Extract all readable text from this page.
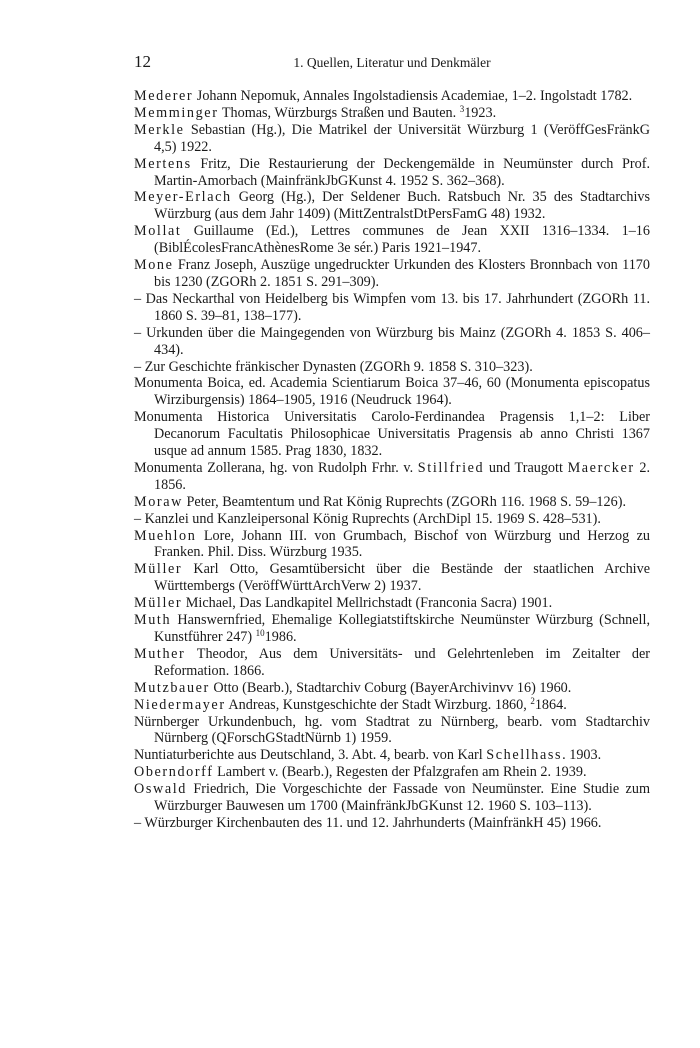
12	1. Quellen, Literatur und Denkmäler
Mederer Johann Nepomuk, Annales Ingolstadiensis Academiae, 1–2. Ingolstadt 1782.
Memminger Thomas, Würzburgs Straßen und Bauten. $^3$1923.
Merkle Sebastian (Hg.), Die Matrikel der Universität Würzburg 1 (VeröffGesFränkG 4,5) 1922.
Mertens Fritz, Die Restaurierung der Deckengemälde in Neumünster durch Prof. Martin-Amorbach (MainfränkJbGKunst 4. 1952 S. 362–368).
Meyer-Erlach Georg (Hg.), Der Seldener Buch. Ratsbuch Nr. 35 des Stadtarchivs Würzburg (aus dem Jahr 1409) (MittZentralstDtPersFamG 48) 1932.
Mollat Guillaume (Ed.), Lettres communes de Jean XXII 1316–1334. 1–16 (BiblÉcolesFrancAthènesRome 3e sér.) Paris 1921–1947.
Mone Franz Joseph, Auszüge ungedruckter Urkunden des Klosters Bronnbach von 1170 bis 1230 (ZGORh 2. 1851 S. 291–309).
– Das Neckarthal von Heidelberg bis Wimpfen vom 13. bis 17. Jahrhundert (ZGORh 11. 1860 S. 39–81, 138–177).
– Urkunden über die Maingegenden von Würzburg bis Mainz (ZGORh 4. 1853 S. 406–434).
– Zur Geschichte fränkischer Dynasten (ZGORh 9. 1858 S. 310–323).
Monumenta Boica, ed. Academia Scientiarum Boica 37–46, 60 (Monumenta episcopatus Wirziburgensis) 1864–1905, 1916 (Neudruck 1964).
Monumenta Historica Universitatis Carolo-Ferdinandea Pragensis 1,1–2: Liber Decanorum Facultatis Philosophicae Universitatis Pragensis ab anno Christi 1367 usque ad annum 1585. Prag 1830, 1832.
Monumenta Zollerana, hg. von Rudolph Frhr. v. Stillfried und Traugott Maercker 2. 1856.
Moraw Peter, Beamtentum und Rat König Ruprechts (ZGORh 116. 1968 S. 59–126).
– Kanzlei und Kanzleipersonal König Ruprechts (ArchDipl 15. 1969 S. 428–531).
Muehlon Lore, Johann III. von Grumbach, Bischof von Würzburg und Herzog zu Franken. Phil. Diss. Würzburg 1935.
Müller Karl Otto, Gesamtübersicht über die Bestände der staatlichen Archive Württembergs (VeröffWürttArchVerw 2) 1937.
Müller Michael, Das Landkapitel Mellrichstadt (Franconia Sacra) 1901.
Muth Hanswernfried, Ehemalige Kollegiatstiftskirche Neumünster Würzburg (Schnell, Kunstführer 247) $^{10}$1986.
Muther Theodor, Aus dem Universitäts- und Gelehrtenleben im Zeitalter der Reformation. 1866.
Mutzbauer Otto (Bearb.), Stadtarchiv Coburg (BayerArchivinvv 16) 1960.
Niedermayer Andreas, Kunstgeschichte der Stadt Wirzburg. 1860, $^2$1864.
Nürnberger Urkundenbuch, hg. vom Stadtrat zu Nürnberg, bearb. vom Stadtarchiv Nürnberg (QForschGStadtNürnb 1) 1959.
Nuntiaturberichte aus Deutschland, 3. Abt. 4, bearb. von Karl Schellhass. 1903.
Oberndorff Lambert v. (Bearb.), Regesten der Pfalzgrafen am Rhein 2. 1939.
Oswald Friedrich, Die Vorgeschichte der Fassade von Neumünster. Eine Studie zum Würzburger Bauwesen um 1700 (MainfränkJbGKunst 12. 1960 S. 103–113).
– Würzburger Kirchenbauten des 11. und 12. Jahrhunderts (MainfränkH 45) 1966.
